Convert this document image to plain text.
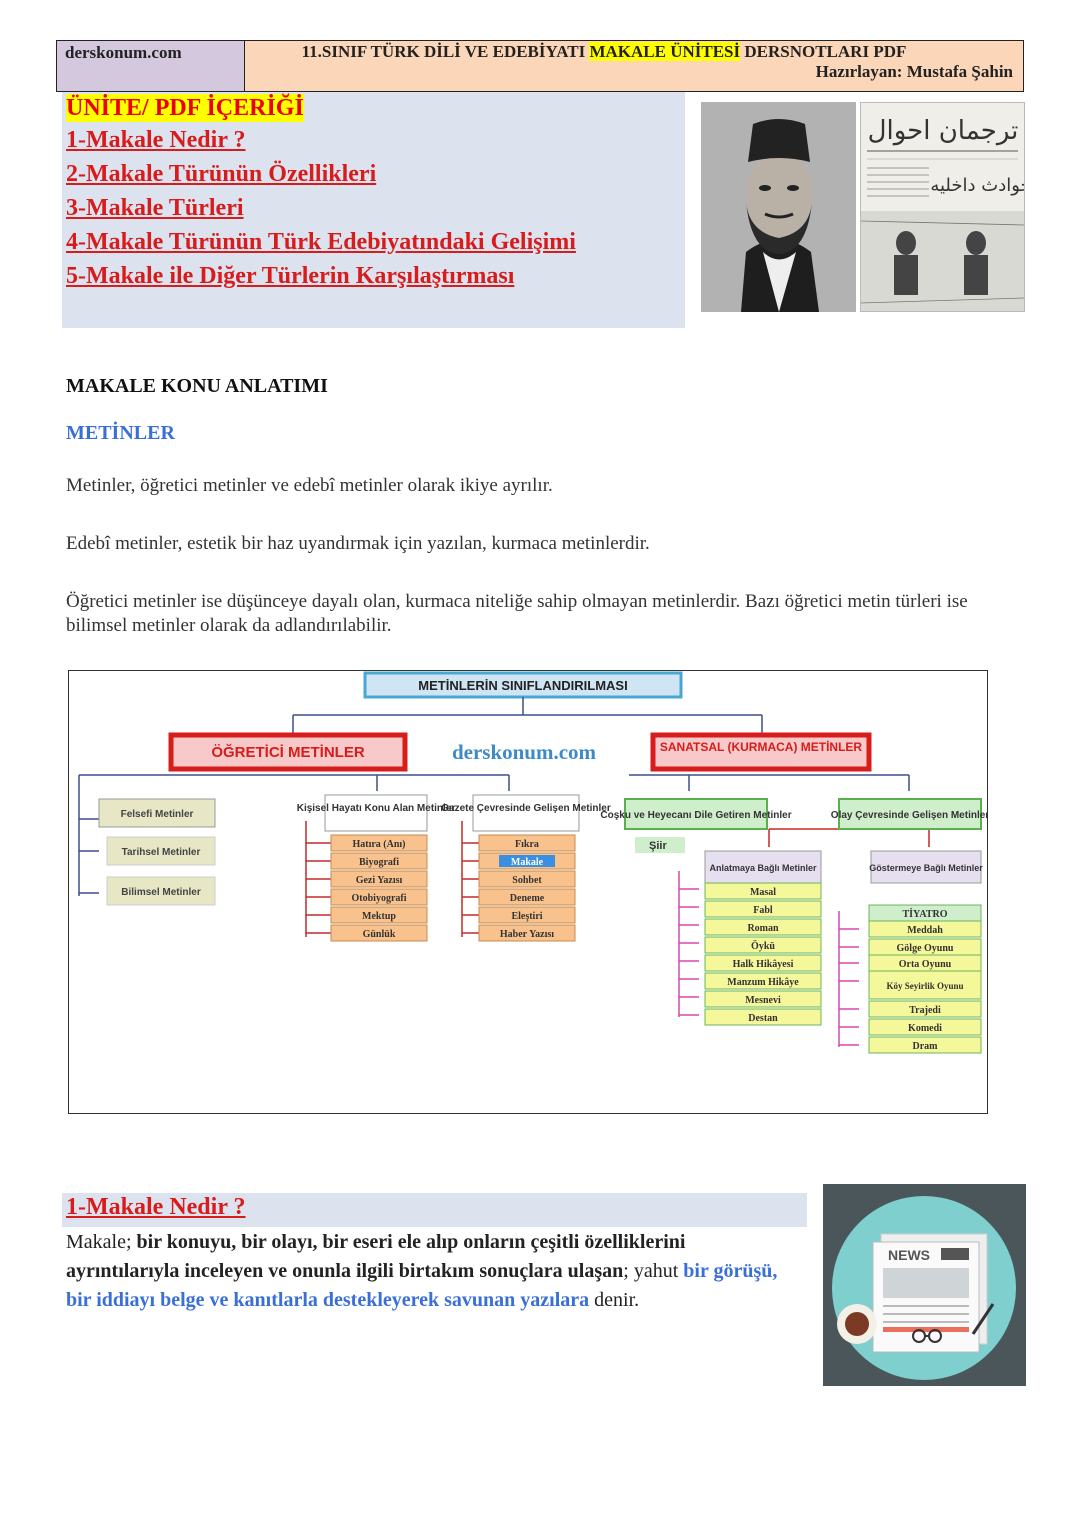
derskonum.com	11.SINIF TÜRK DİLİ VE EDEBİYATI MAKALE ÜNİTESİ DERSNOTLARI PDF
Hazırlayan: Mustafa Şahin
ÜNİTE/ PDF İÇERİĞİ
1-Makale Nedir ?
2-Makale Türünün Özellikleri
3-Makale Türleri
4-Makale Türünün Türk Edebiyatındaki Gelişimi
5-Makale ile Diğer Türlerin Karşılaştırması
ترجمان احوال
حوادث داخليه
MAKALE KONU ANLATIMI
METİNLER
Metinler, öğretici metinler ve edebî metinler olarak ikiye ayrılır.
Edebî metinler, estetik bir haz uyandırmak için yazılan, kurmaca metinlerdir.
Öğretici metinler ise düşünceye dayalı olan, kurmaca niteliğe sahip olmayan metinlerdir. Bazı öğretici metin türleri ise bilimsel metinler olarak da adlandırılabilir.
METİNLERİN SINIFLANDIRILMASI
ÖĞRETİCİ METİNLER	derskonum.com	SANATSAL (KURMACA) METİNLER
Felsefi Metinler
Tarihsel Metinler
Bilimsel Metinler
Kişisel Hayatı Konu Alan Metinler
Hatıra (Anı)
Biyografi
Gezi Yazısı
Otobiyografi
Mektup
Günlük
Gazete Çevresinde Gelişen Metinler
Fıkra
Makale
Sohbet
Deneme
Eleştiri
Haber Yazısı
Coşku ve Heyecanı Dile Getiren Metinler
Şiir
Olay Çevresinde Gelişen Metinler
Anlatmaya Bağlı Metinler
Masal
Fabl
Roman
Öykü
Halk Hikâyesi
Manzum Hikâye
Mesnevi
Destan
Göstermeye Bağlı Metinler
TİYATRO
Meddah
Gölge Oyunu
Orta Oyunu
Köy Seyirlik Oyunu
Trajedi
Komedi
Dram
1-Makale Nedir ?
Makale; bir konuyu, bir olayı, bir eseri ele alıp onların çeşitli özelliklerini ayrıntılarıyla inceleyen ve onunla ilgili birtakım sonuçlara ulaşan; yahut bir görüşü, bir iddiayı belge ve kanıtlarla destekleyerek savunan yazılara denir.
NEWS
